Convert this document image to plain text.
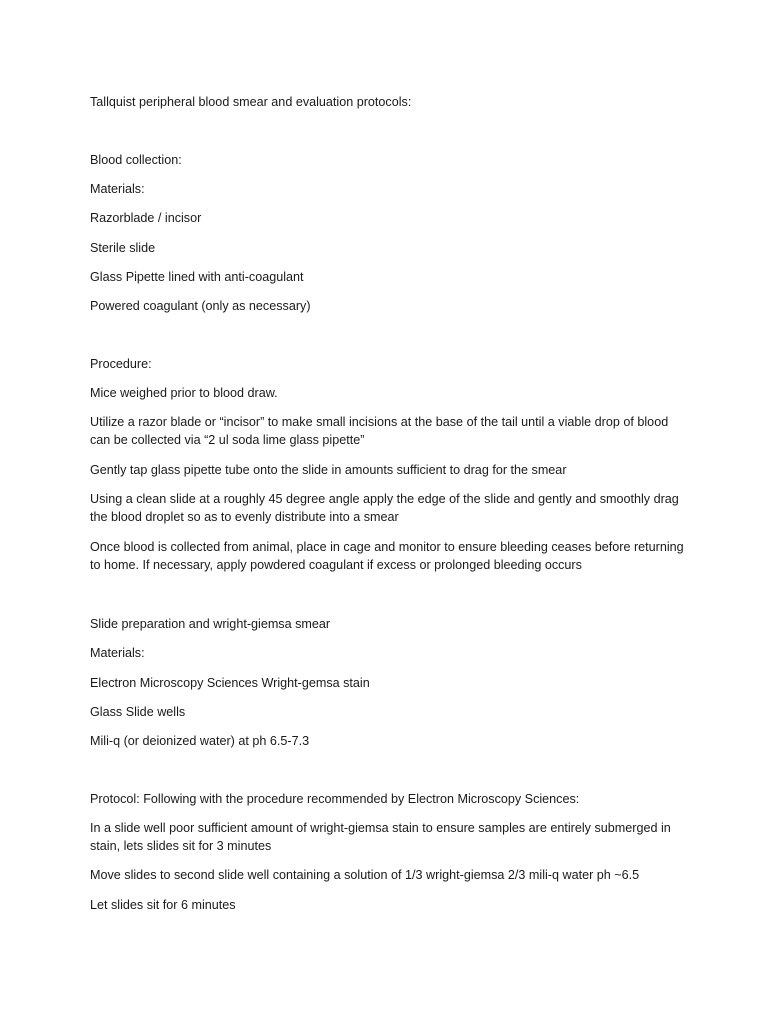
Tallquist peripheral blood smear and evaluation protocols:

Blood collection:

Materials:

Razorblade / incisor

Sterile slide

Glass Pipette lined with anti-coagulant

Powered coagulant (only as necessary)

Procedure:

Mice weighed prior to blood draw.

Utilize a razor blade or “incisor” to make small incisions at the base of the tail until a viable drop of blood can be collected via “2 ul soda lime glass pipette”

Gently tap glass pipette tube onto the slide in amounts sufficient to drag for the smear

Using a clean slide at a roughly 45 degree angle apply the edge of the slide and gently and smoothly drag the blood droplet so as to evenly distribute into a smear

Once blood is collected from animal, place in cage and monitor to ensure bleeding ceases before returning to home. If necessary, apply powdered coagulant if excess or prolonged bleeding occurs

Slide preparation and wright-giemsa smear

Materials:

Electron Microscopy Sciences Wright-gemsa stain

Glass Slide wells

Mili-q (or deionized water) at ph 6.5-7.3

Protocol: Following with the procedure recommended by Electron Microscopy Sciences:

In a slide well poor sufficient amount of wright-giemsa stain to ensure samples are entirely submerged in stain, lets slides sit for 3 minutes

Move slides to second slide well containing a solution of 1/3 wright-giemsa 2/3 mili-q water ph ~6.5

Let slides sit for 6 minutes
